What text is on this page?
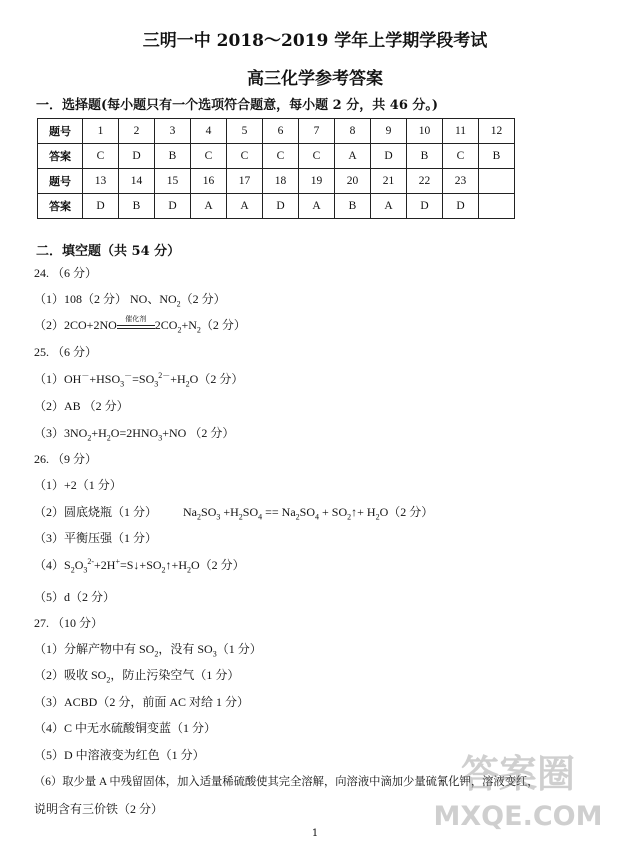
三明一中 2018～2019 学年上学期学段考试
高三化学参考答案
一．选择题(每小题只有一个选项符合题意，每小题 2 分，共 46 分。)
题号	1	2	3	4	5	6	7	8	9	10	11	12
答案	C	D	B	C	C	C	C	A	D	B	C	B
题号	13	14	15	16	17	18	19	20	21	22	23	
答案	D	B	D	A	A	D	A	B	A	D	D	
二．填空题（共 54 分）
24. （6 分）
（1）108（2 分） NO、$NO_2(2$ 分）
（2）2CO+2NO	催化剂 $2CO_2+N_2(2$ 分）
25. （6 分）
$(1)OH^-+HSO_3^-=SO_3^{2-}+H_2O(2$ 分）
（2）AB （2 分）
$(3)3NO_2+H_2O=2HNO_3+NO$ （2 分）
26. （9 分）
（1）+2（1 分）
（2）圆底烧瓶（1 分） $Na_2SO_3 +H_2SO_4 == Na_2SO_4$ + $SO_2↑+ H_2O(2$ 分）
（3）平衡压强（1 分）
$(4)S_2O_3^{2-}+2H^+=S↓+SO_2↑+H_2O(2$ 分）
（5）d（2 分）
27. （10 分）
（1）分解产物中有 $SO_2$，没有 $SO_3(1$ 分）
（2）吸收 $SO_2$，防止污染空气（1 分）
（3）ACBD（2 分，前面 AC 对给 1 分）
（4）C 中无水硫酸铜变蓝（1 分）
（5）D 中溶液变为红色（1 分）
（6）取少量 A 中残留固体，加入适量稀硫酸使其完全溶解，向溶液中滴加少量硫氰化钾，溶液变红，
说明含有三价铁（2 分）
1
答案圈
MXQE.COM
